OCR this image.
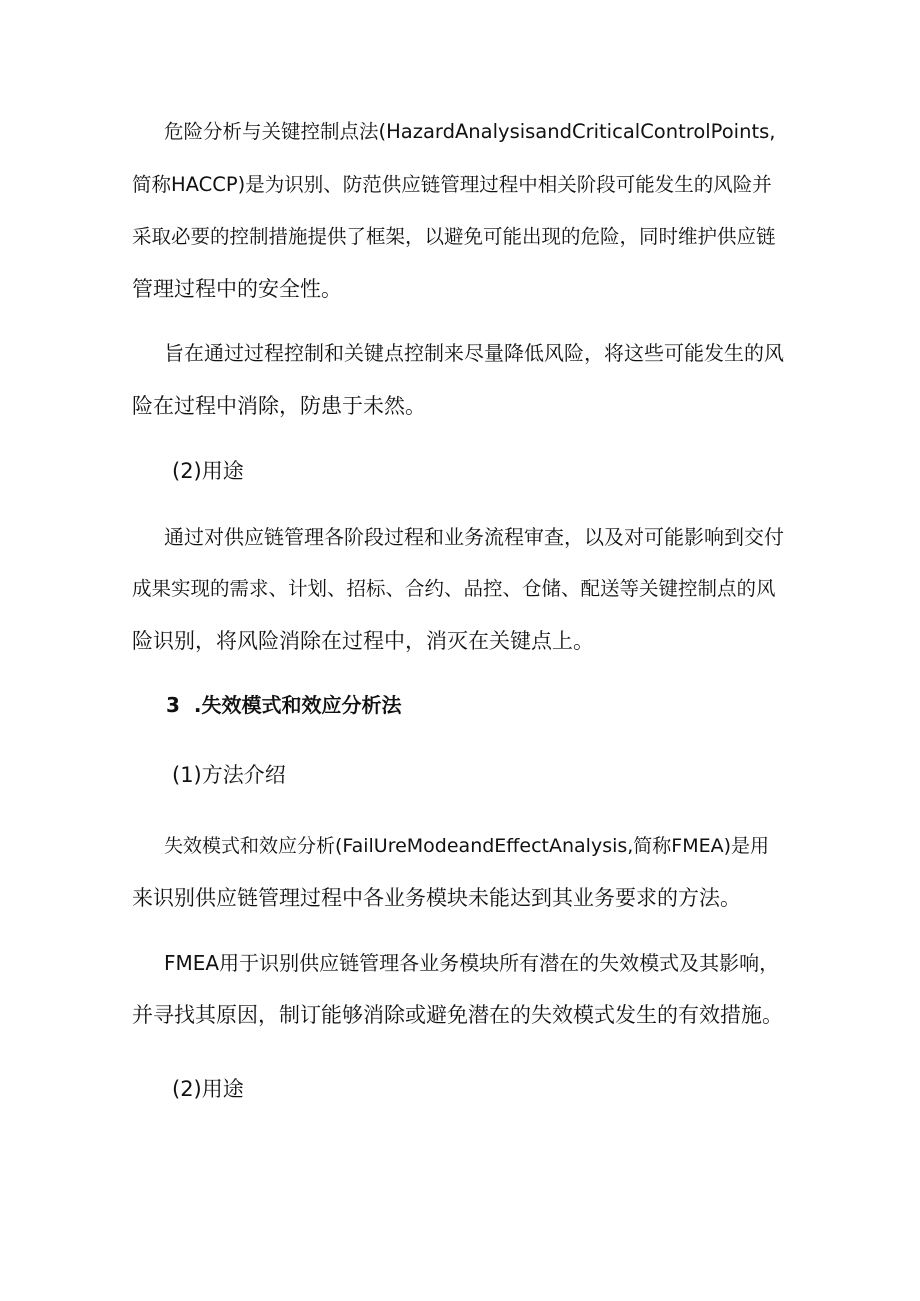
危险分析与关键控制点法(HazardAnalysisandCriticalControlPoints,
简称HACCP)是为识别、防范供应链管理过程中相关阶段可能发生的风险并
采取必要的控制措施提供了框架，以避免可能出现的危险，同时维护供应链
管理过程中的安全性。
旨在通过过程控制和关键点控制来尽量降低风险，将这些可能发生的风
险在过程中消除，防患于未然。
(2)用途
通过对供应链管理各阶段过程和业务流程审查，以及对可能影响到交付
成果实现的需求、计划、招标、合约、品控、仓储、配送等关键控制点的风
险识别，将风险消除在过程中，消灭在关键点上。
3  .失效模式和效应分析法
(1)方法介绍
失效模式和效应分析(FailUreModeandEffectAnalysis,简称FMEA)是用
来识别供应链管理过程中各业务模块未能达到其业务要求的方法。
FMEA用于识别供应链管理各业务模块所有潜在的失效模式及其影响，
并寻找其原因，制订能够消除或避免潜在的失效模式发生的有效措施。
(2)用途
